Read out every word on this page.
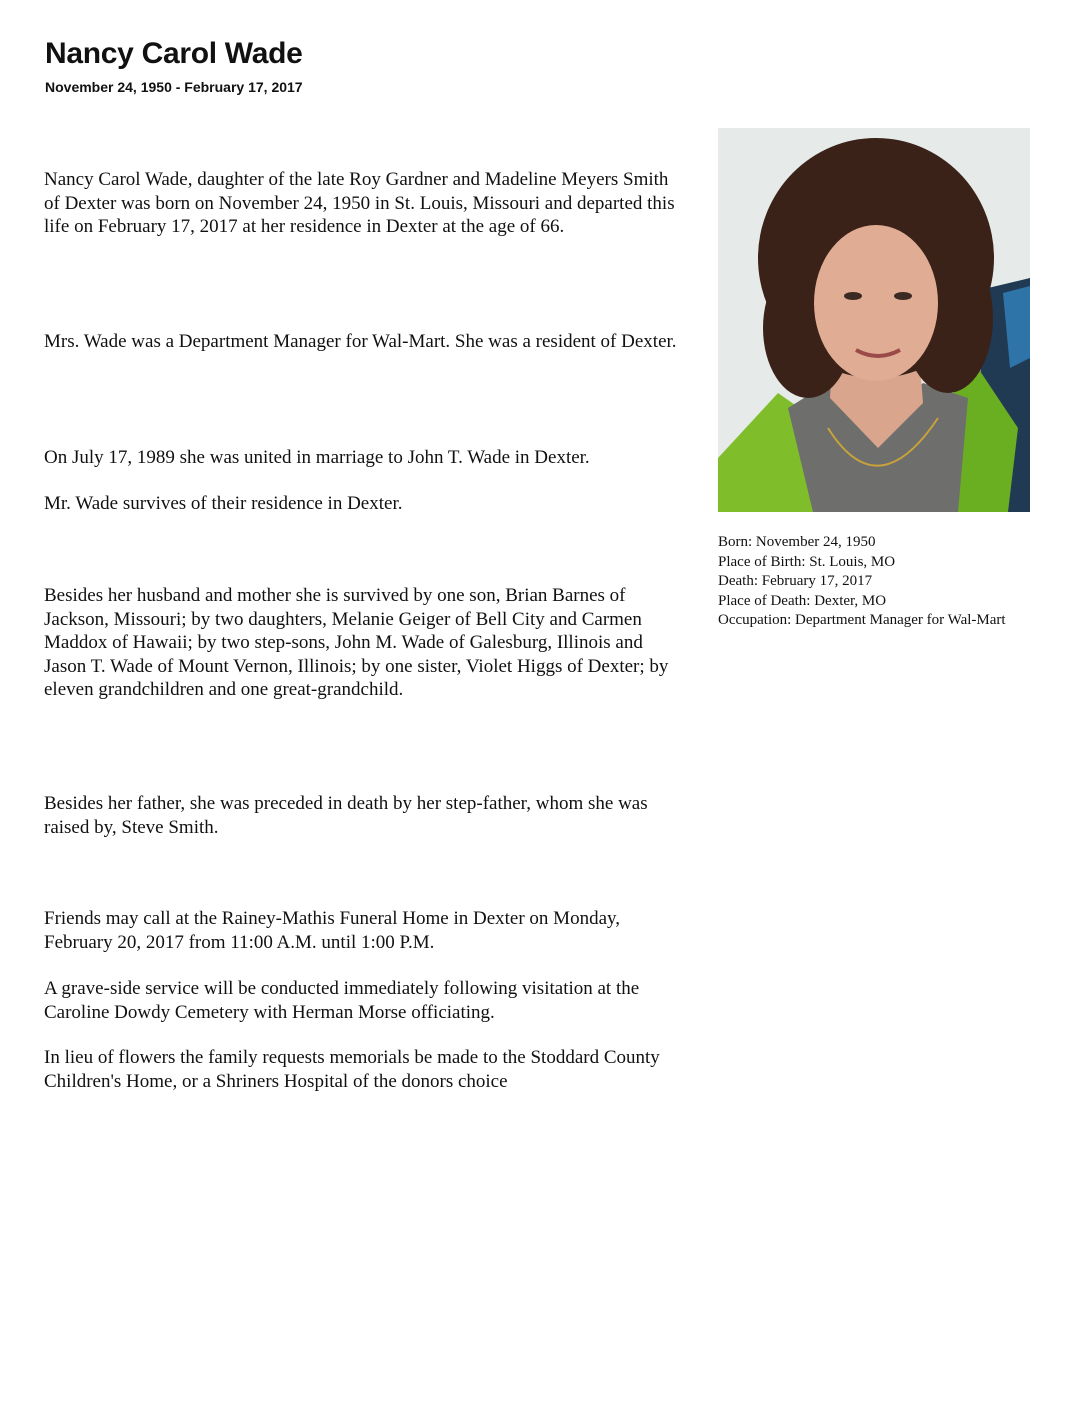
Nancy Carol Wade
November 24, 1950 - February 17, 2017

Nancy Carol Wade, daughter of the late Roy Gardner and Madeline Meyers Smith of Dexter was born on November 24, 1950 in St. Louis, Missouri and departed this life on February 17, 2017 at her residence in Dexter at the age of 66.

Mrs. Wade was a Department Manager for Wal-Mart. She was a resident of Dexter.

On July 17, 1989 she was united in marriage to John T. Wade in Dexter.

Mr. Wade survives of their residence in Dexter.

Besides her husband and mother she is survived by one son, Brian Barnes of Jackson, Missouri; by two daughters, Melanie Geiger of Bell City and Carmen Maddox of Hawaii; by two step-sons, John M. Wade of Galesburg, Illinois and Jason T. Wade of Mount Vernon, Illinois; by one sister, Violet Higgs of Dexter; by eleven grandchildren and one great-grandchild.

Besides her father, she was preceded in death by her step-father, whom she was raised by, Steve Smith.

Friends may call at the Rainey-Mathis Funeral Home in Dexter on Monday, February 20, 2017 from 11:00 A.M. until 1:00 P.M.

A grave-side service will be conducted immediately following visitation at the Caroline Dowdy Cemetery with Herman Morse officiating.

In lieu of flowers the family requests memorials be made to the Stoddard County Children's Home, or a Shriners Hospital of the donors choice

Born: November 24, 1950
Place of Birth: St. Louis, MO
Death: February 17, 2017
Place of Death: Dexter, MO
Occupation: Department Manager for Wal-Mart
